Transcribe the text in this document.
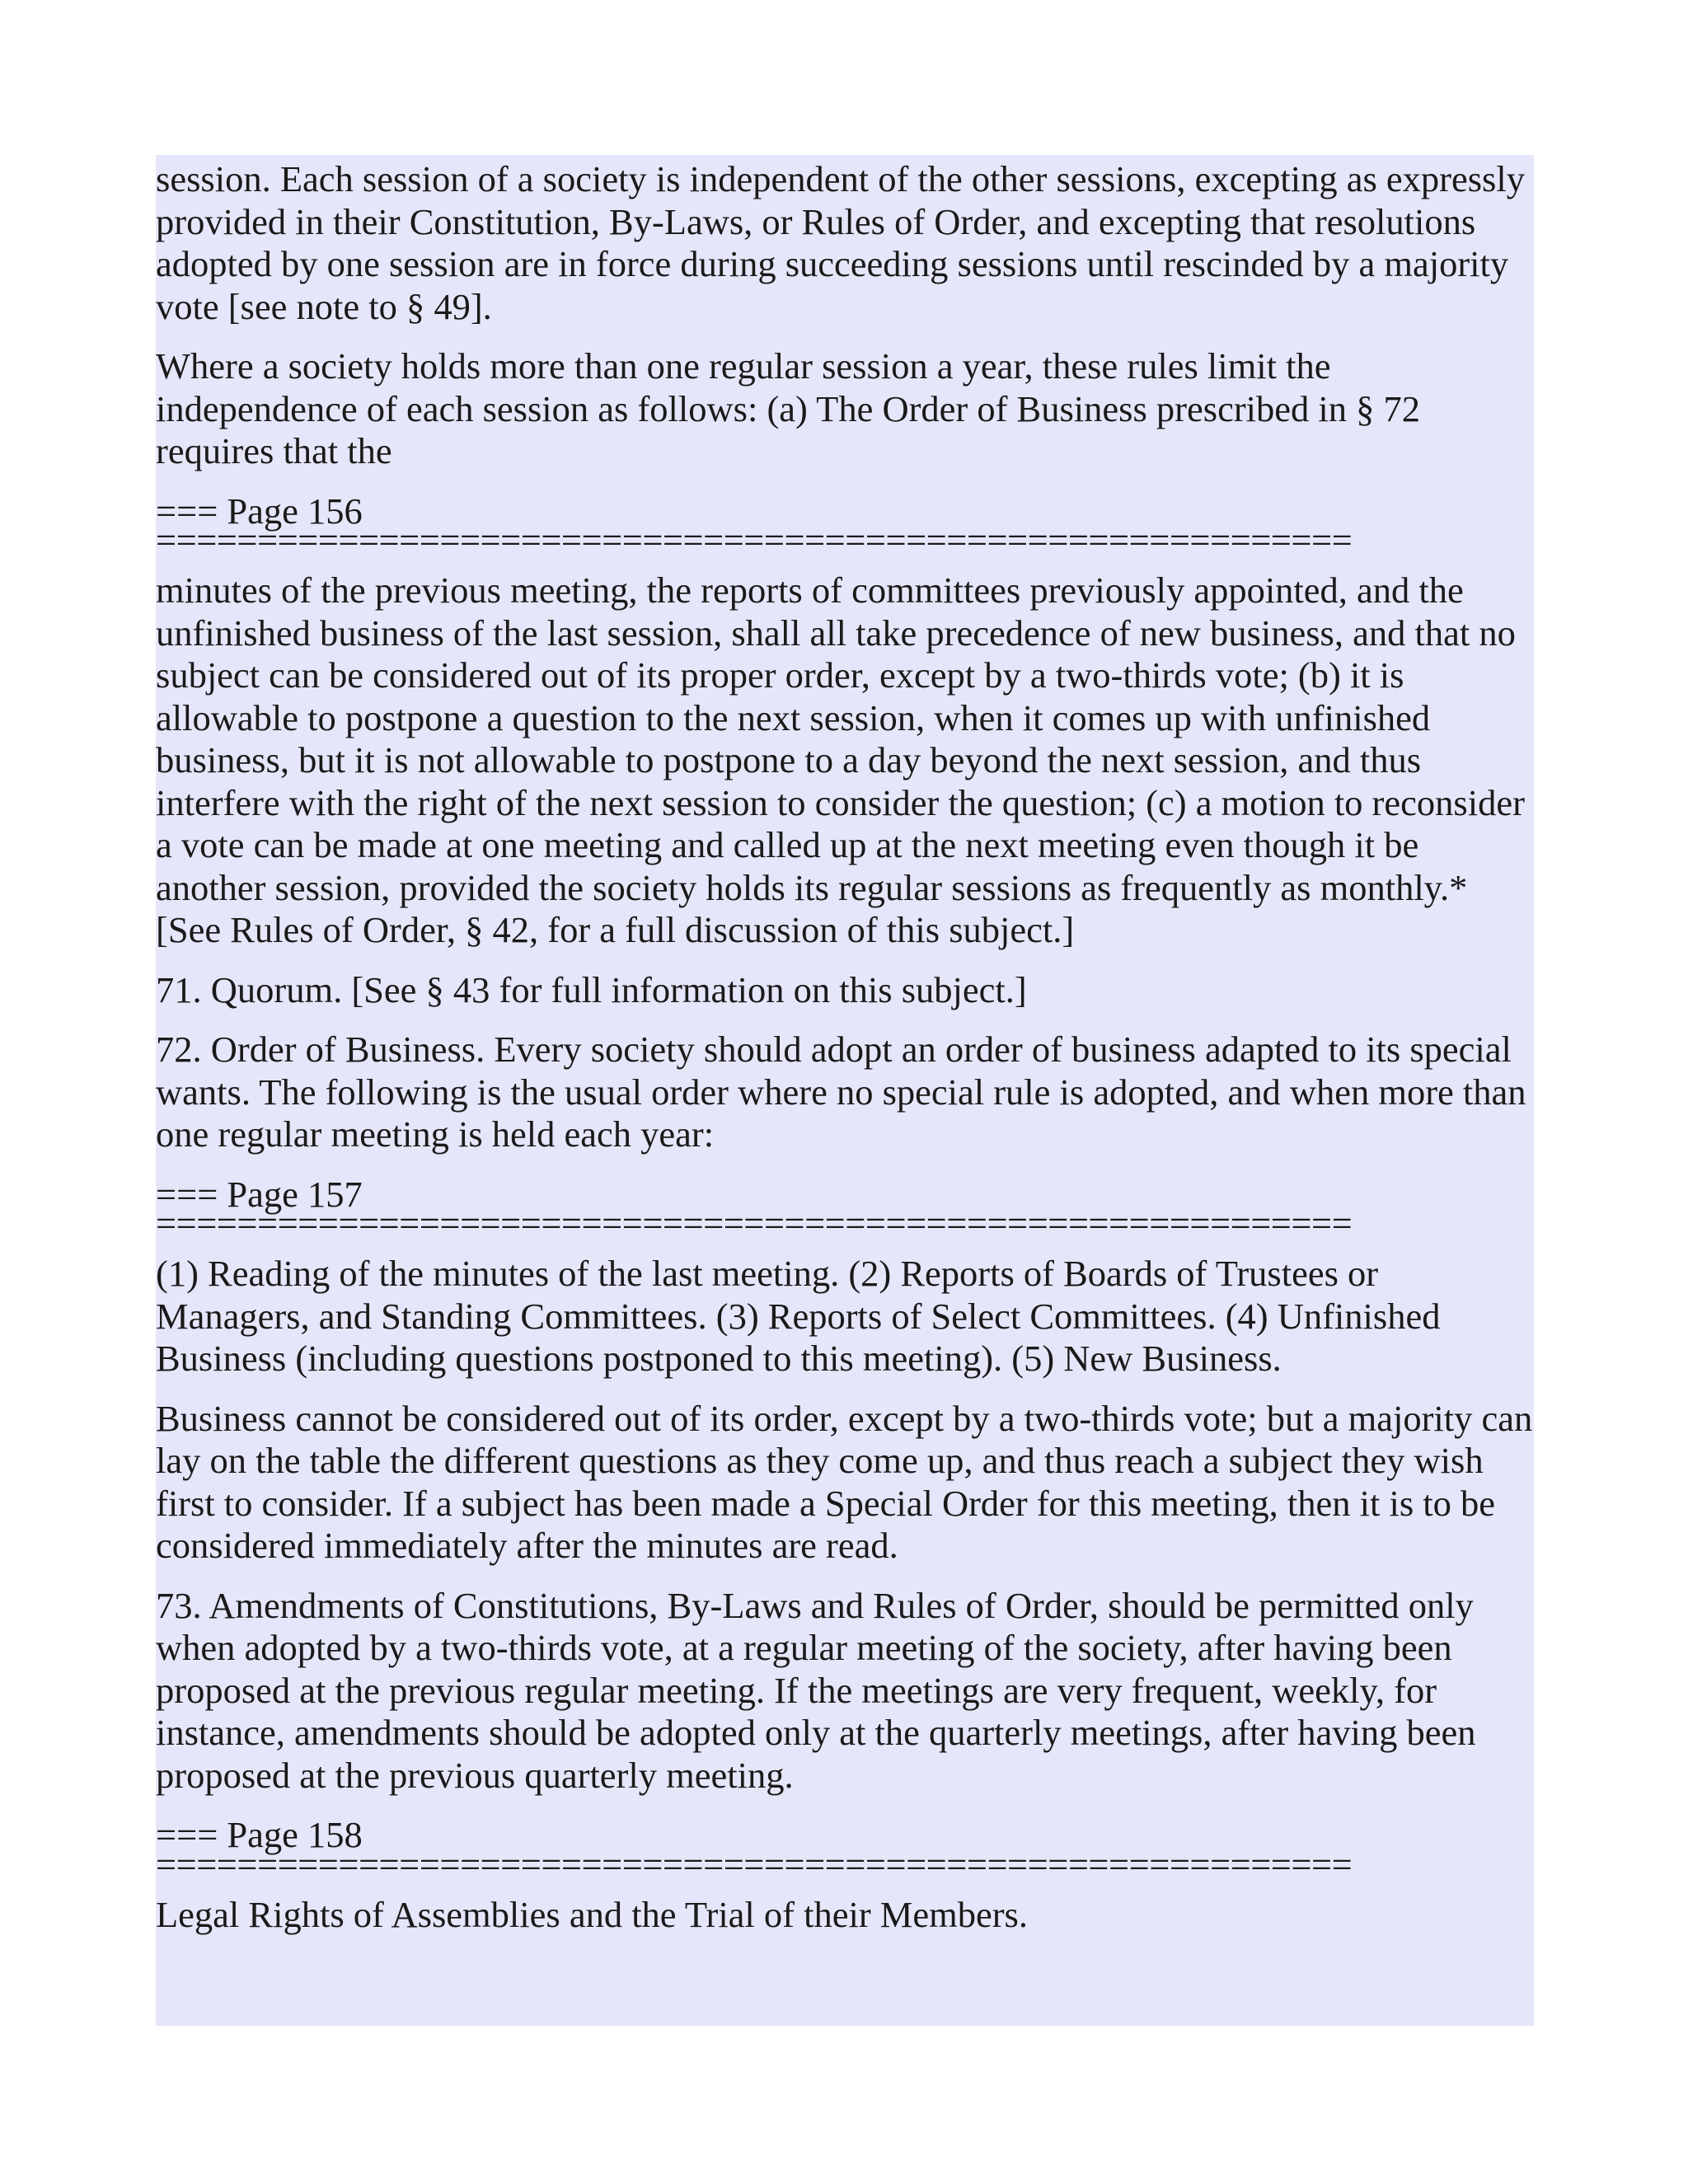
session. Each session of a society is independent of the other sessions, excepting as expressly provided in their Constitution, By-Laws, or Rules of Order, and excepting that resolutions adopted by one session are in force during succeeding sessions until rescinded by a majority vote [see note to § 49].

Where a society holds more than one regular session a year, these rules limit the independence of each session as follows: (a) The Order of Business prescribed in § 72 requires that the

=== Page 156
===========================================================

minutes of the previous meeting, the reports of committees previously appointed, and the unfinished business of the last session, shall all take precedence of new business, and that no subject can be considered out of its proper order, except by a two-thirds vote; (b) it is allowable to postpone a question to the next session, when it comes up with unfinished business, but it is not allowable to postpone to a day beyond the next session, and thus interfere with the right of the next session to consider the question; (c) a motion to reconsider a vote can be made at one meeting and called up at the next meeting even though it be another session, provided the society holds its regular sessions as frequently as monthly.* [See Rules of Order, § 42, for a full discussion of this subject.]

71. Quorum. [See § 43 for full information on this subject.]

72. Order of Business. Every society should adopt an order of business adapted to its special wants. The following is the usual order where no special rule is adopted, and when more than one regular meeting is held each year:

=== Page 157
===========================================================

(1) Reading of the minutes of the last meeting. (2) Reports of Boards of Trustees or Managers, and Standing Committees. (3) Reports of Select Committees. (4) Unfinished Business (including questions postponed to this meeting). (5) New Business.

Business cannot be considered out of its order, except by a two-thirds vote; but a majority can lay on the table the different questions as they come up, and thus reach a subject they wish first to consider. If a subject has been made a Special Order for this meeting, then it is to be considered immediately after the minutes are read.

73. Amendments of Constitutions, By-Laws and Rules of Order, should be permitted only when adopted by a two-thirds vote, at a regular meeting of the society, after having been proposed at the previous regular meeting. If the meetings are very frequent, weekly, for instance, amendments should be adopted only at the quarterly meetings, after having been proposed at the previous quarterly meeting.

=== Page 158
===========================================================

Legal Rights of Assemblies and the Trial of their Members.
